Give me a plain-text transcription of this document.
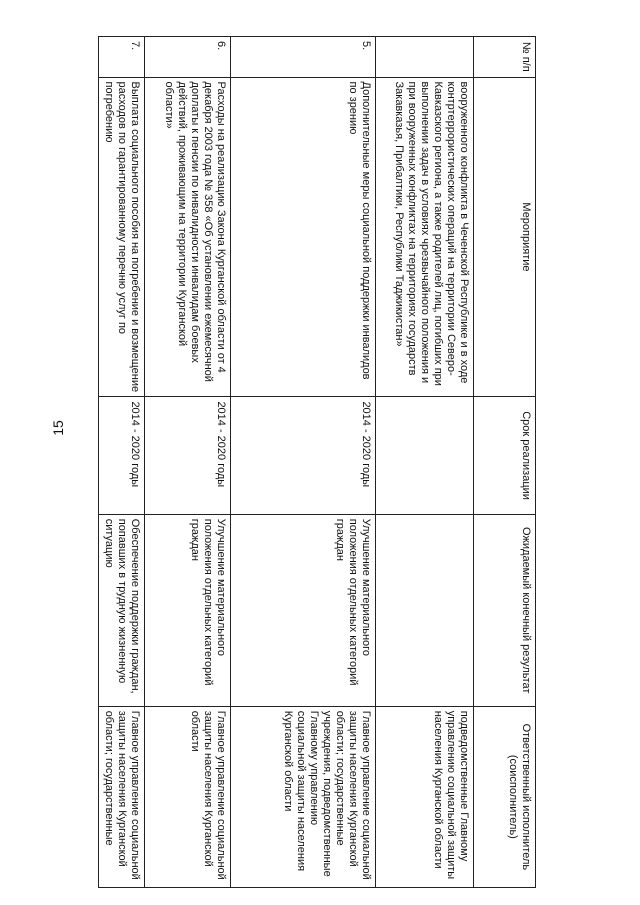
15
№ п/п	Мероприятие	Срок реализации	Ожидаемый конечный результат	Ответственный исполнитель (соисполнитель)
	вооруженного конфликта в Чеченской Республике и в ходе контртеррористических операций на территории Северо-Кавказского региона, а также родителей лиц, погибших при выполнении задач в условиях чрезвычайного положения и при вооруженных конфликтах на территориях государств Закавказья, Прибалтики, Республики Таджикистан»			подведомственные Главному управлению социальной защиты населения Курганской области
5.	Дополнительные меры социальной поддержки инвалидов по зрению	2014 - 2020 годы	Улучшение материального положения отдельных категорий граждан	Главное управление социальной защиты населения Курганской области; государственные учреждения, подведомственные Главному управлению социальной защиты населения Курганской области
6.	Расходы на реализацию Закона Курганской области от 4 декабря 2003 года № 358 «Об установлении ежемесячной доплаты к пенсии по инвалидности инвалидам боевых действий, проживающим на территории Курганской области»	2014 - 2020 годы	Улучшение материального положения отдельных категорий граждан	Главное управление социальной защиты населения Курганской области
7.	Выплата социального пособия на погребение и возмещение расходов по гарантированному перечню услуг по погребению	2014 - 2020 годы	Обеспечение поддержки граждан, попавших в трудную жизненную ситуацию	Главное управление социальной защиты населения Курганской области; государственные
